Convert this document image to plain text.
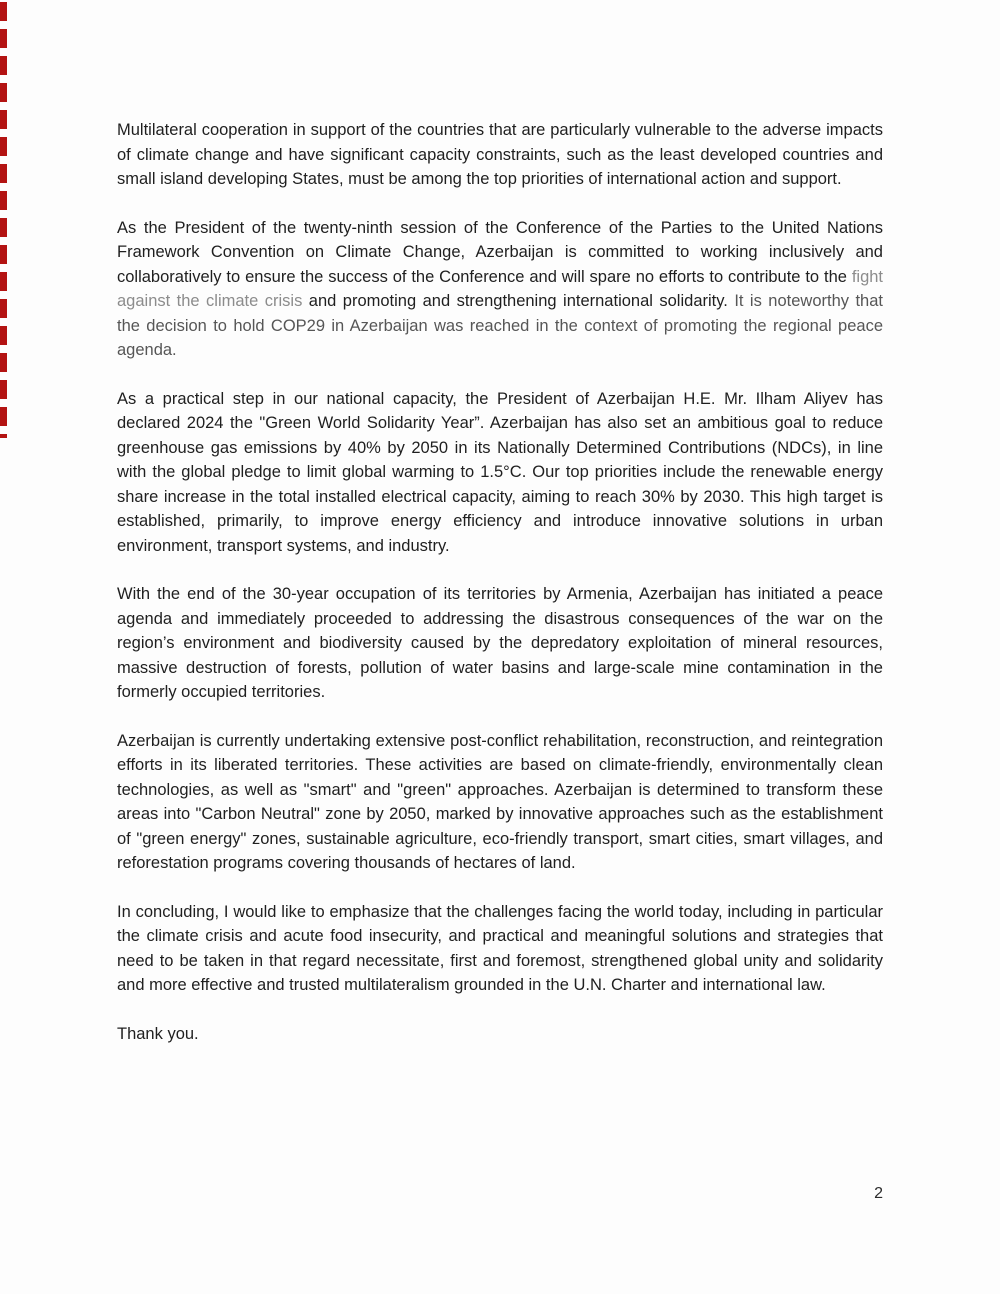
Multilateral cooperation in support of the countries that are particularly vulnerable to the adverse impacts of climate change and have significant capacity constraints, such as the least developed countries and small island developing States, must be among the top priorities of international action and support.

As the President of the twenty-ninth session of the Conference of the Parties to the United Nations Framework Convention on Climate Change, Azerbaijan is committed to working inclusively and collaboratively to ensure the success of the Conference and will spare no efforts to contribute to the fight against the climate crisis and promoting and strengthening international solidarity. It is noteworthy that the decision to hold COP29 in Azerbaijan was reached in the context of promoting the regional peace agenda.

As a practical step in our national capacity, the President of Azerbaijan H.E. Mr. Ilham Aliyev has declared 2024 the "Green World Solidarity Year”. Azerbaijan has also set an ambitious goal to reduce greenhouse gas emissions by 40% by 2050 in its Nationally Determined Contributions (NDCs), in line with the global pledge to limit global warming to 1.5°C. Our top priorities include the renewable energy share increase in the total installed electrical capacity, aiming to reach 30% by 2030. This high target is established, primarily, to improve energy efficiency and introduce innovative solutions in urban environment, transport systems, and industry.

With the end of the 30-year occupation of its territories by Armenia, Azerbaijan has initiated a peace agenda and immediately proceeded to addressing the disastrous consequences of the war on the region’s environment and biodiversity caused by the depredatory exploitation of mineral resources, massive destruction of forests, pollution of water basins and large-scale mine contamination in the formerly occupied territories.

Azerbaijan is currently undertaking extensive post-conflict rehabilitation, reconstruction, and reintegration efforts in its liberated territories. These activities are based on climate-friendly, environmentally clean technologies, as well as "smart" and "green" approaches. Azerbaijan is determined to transform these areas into "Carbon Neutral" zone by 2050, marked by innovative approaches such as the establishment of "green energy" zones, sustainable agriculture, eco-friendly transport, smart cities, smart villages, and reforestation programs covering thousands of hectares of land.

In concluding, I would like to emphasize that the challenges facing the world today, including in particular the climate crisis and acute food insecurity, and practical and meaningful solutions and strategies that need to be taken in that regard necessitate, first and foremost, strengthened global unity and solidarity and more effective and trusted multilateralism grounded in the U.N. Charter and international law.

Thank you.

2
